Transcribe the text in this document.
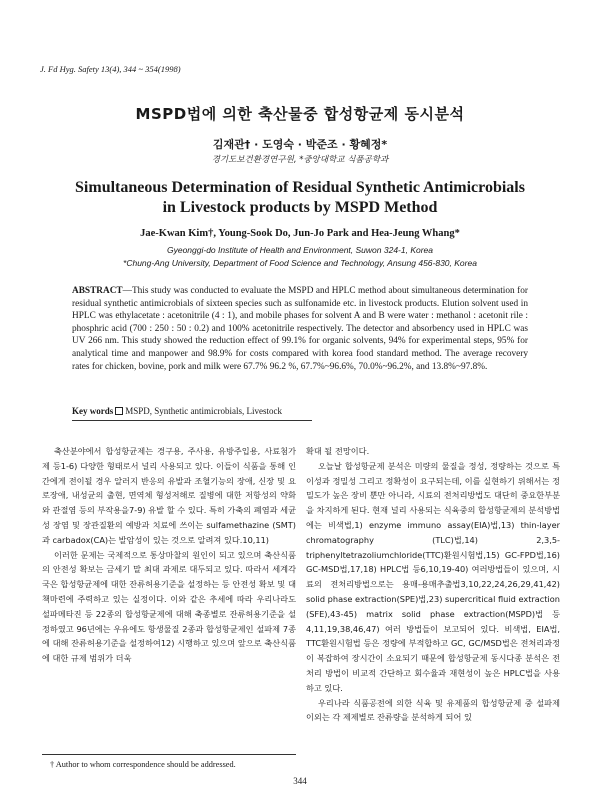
J. Fd Hyg. Safety 13(4), 344 ~ 354(1998)
MSPD법에 의한 축산물중 합성항균제 동시분석
김재관† · 도영숙 · 박준조 · 황혜정*
경기도보건환경연구원, *중앙대학교 식품공학과
Simultaneous Determination of Residual Synthetic Antimicrobials
in Livestock products by MSPD Method
Jae-Kwan Kim†, Young-Sook Do, Jun-Jo Park and Hea-Jeung Whang*
Gyeonggi-do Institute of Health and Environment, Suwon 324-1, Korea
*Chung-Ang University, Department of Food Science and Technology, Ansung 456-830, Korea
ABSTRACT—This study was conducted to evaluate the MSPD and HPLC method about simultaneous determination for residual synthetic antimicrobials of sixteen species such as sulfonamide etc. in livestock products. Elution solvent used in HPLC was ethylacetate : acetonitrile (4 : 1), and mobile phases for solvent A and B were water : methanol : acetonit rile : phosphric acid (700 : 250 : 50 : 0.2) and 100% acetonitrile respectively. The detector and absorbency used in HPLC was UV 266 nm. This study showed the reduction effect of 99.1% for organic solvents, 94% for experimental steps, 95% for analytical time and manpower and 98.9% for costs compared with korea food standard method. The average recovery rates for chicken, bovine, pork and milk were 67.7% 96.2 %, 67.7%~96.6%, 70.0%~96.2%, and 13.8%~97.8%.
Key words MSPD, Synthetic antimicrobials, Livestock

축산분야에서 합성항균제는 경구용, 주사용, 유방주입용, 사료첨가제 등1-6) 다양한 형태로서 널리 사용되고 있다. 이들이 식품을 통해 인간에게 전이될 경우 알러지 반응의 유발과 조혈기능의 장애, 신장 및 요로장애, 내성균의 출현, 면역체 형성저해로 질병에 대한 저항성의 약화와 관절염 등의 부작용을7-9) 유발 할 수 있다. 특히 가축의 폐염과 세균성 장염 및 장관질환의 예방과 치료에 쓰이는 sulfamethazine (SMT)과 carbadox(CA)는 발암성이 있는 것으로 알려져 있다.10,11)

이러한 문제는 국제적으로 통상마찰의 원인이 되고 있으며 축산식품의 안전성 확보는 금세기 말 최대 과제로 대두되고 있다. 따라서 세계각국은 합성항균제에 대한 잔류허용기준을 설정하는 등 안전성 확보 및 대책마련에 주력하고 있는 실정이다. 이와 같은 추세에 따라 우리나라도 설파메타진 등 22종의 합성항균제에 대해 축종별로 잔류허용기준을 설정하였고 96년에는 우유에도 항생물질 2종과 합성항균제인 설파제 7종에 대해 잔류허용기준을 설정하여12) 시행하고 있으며 앞으로 축산식품에 대한 규제 범위가 더욱

확대 될 전망이다.

오늘날 합성항균제 분석은 미량의 물질을 정성, 정량하는 것으로 특이성과 정밀성 그리고 정확성이 요구되는데, 이를 실현하기 위해서는 정밀도가 높은 장비 뿐만 아니라, 시료의 전처리방법도 대단히 중요한부분을 차지하게 된다. 현재 널리 사용되는 식육중의 합성항균제의 분석방법에는 비색법,1) enzyme immuno assay(EIA)법,13) thin-layer chromatography (TLC)법,14) 2,3,5-triphenyltetrazoliumchloride(TTC)환원시험법,15) GC-FPD법,16) GC-MSD법,17,18) HPLC법 등6,10,19-40) 여러방법들이 있으며, 시료의 전처리방법으로는 용매-용매추출법3,10,22,24,26,29,41,42) solid phase extraction(SPE)법,23) supercritical fluid extraction (SFE),43-45) matrix solid phase extraction(MSPD)법 등4,11,19,38,46,47) 여러 방법들이 보고되어 있다. 비색법, EIA법, TTC환원시험법 등은 정량에 부적합하고 GC, GC/MSD법은 전처리과정이 복잡하여 장시간이 소요되기 때문에 합성항균제 동시다종 분석은 전처리 방법이 비교적 간단하고 회수율과 재현성이 높은 HPLC법을 사용하고 있다.

우리나라 식품공전에 의한 식육 및 유제품의 합성항균제 중 설파제 이외는 각 제제별로 잔류량을 분석하게 되어 있

† Author to whom correspondence should be addressed.
344
